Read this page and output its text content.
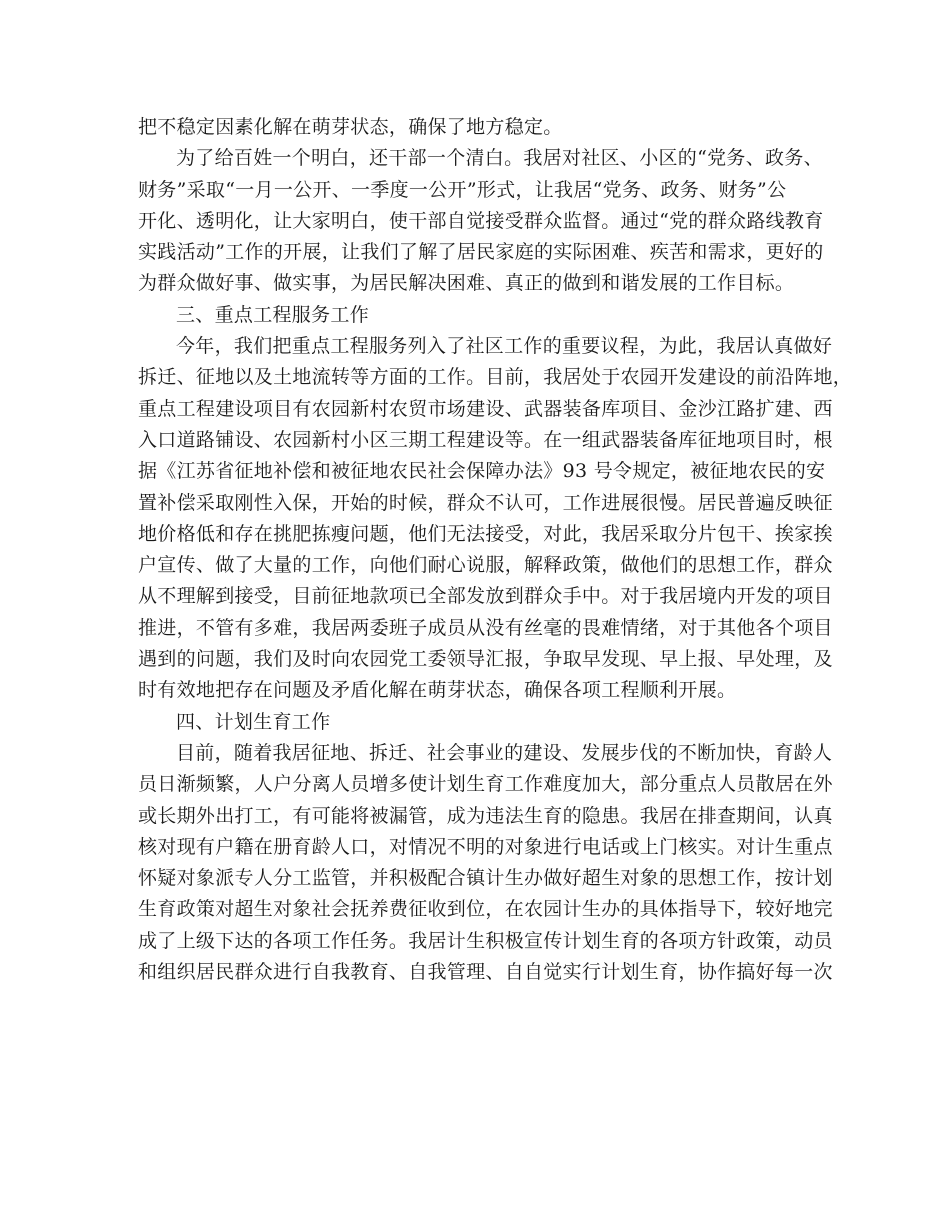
把不稳定因素化解在萌芽状态，确保了地方稳定。
为了给百姓一个明白，还干部一个清白。我居对社区、小区的“党务、政务、
财务”采取“一月一公开、一季度一公开”形式，让我居“党务、政务、财务”公
开化、透明化，让大家明白，使干部自觉接受群众监督。通过“党的群众路线教育
实践活动”工作的开展，让我们了解了居民家庭的实际困难、疾苦和需求，更好的
为群众做好事、做实事，为居民解决困难、真正的做到和谐发展的工作目标。
三、重点工程服务工作
今年，我们把重点工程服务列入了社区工作的重要议程，为此，我居认真做好
拆迁、征地以及土地流转等方面的工作。目前，我居处于农园开发建设的前沿阵地，
重点工程建设项目有农园新村农贸市场建设、武器装备库项目、金沙江路扩建、西
入口道路铺设、农园新村小区三期工程建设等。在一组武器装备库征地项目时，根
据《江苏省征地补偿和被征地农民社会保障办法》93 号令规定，被征地农民的安
置补偿采取刚性入保，开始的时候，群众不认可，工作进展很慢。居民普遍反映征
地价格低和存在挑肥拣瘦问题，他们无法接受，对此，我居采取分片包干、挨家挨
户宣传、做了大量的工作，向他们耐心说服，解释政策，做他们的思想工作，群众
从不理解到接受，目前征地款项已全部发放到群众手中。对于我居境内开发的项目
推进，不管有多难，我居两委班子成员从没有丝毫的畏难情绪，对于其他各个项目
遇到的问题，我们及时向农园党工委领导汇报，争取早发现、早上报、早处理，及
时有效地把存在问题及矛盾化解在萌芽状态，确保各项工程顺利开展。
四、计划生育工作
目前，随着我居征地、拆迁、社会事业的建设、发展步伐的不断加快，育龄人
员日渐频繁，人户分离人员增多使计划生育工作难度加大，部分重点人员散居在外
或长期外出打工，有可能将被漏管，成为违法生育的隐患。我居在排查期间，认真
核对现有户籍在册育龄人口，对情况不明的对象进行电话或上门核实。对计生重点
怀疑对象派专人分工监管，并积极配合镇计生办做好超生对象的思想工作，按计划
生育政策对超生对象社会抚养费征收到位，在农园计生办的具体指导下，较好地完
成了上级下达的各项工作任务。我居计生积极宣传计划生育的各项方针政策，动员
和组织居民群众进行自我教育、自我管理、自自觉实行计划生育，协作搞好每一次
